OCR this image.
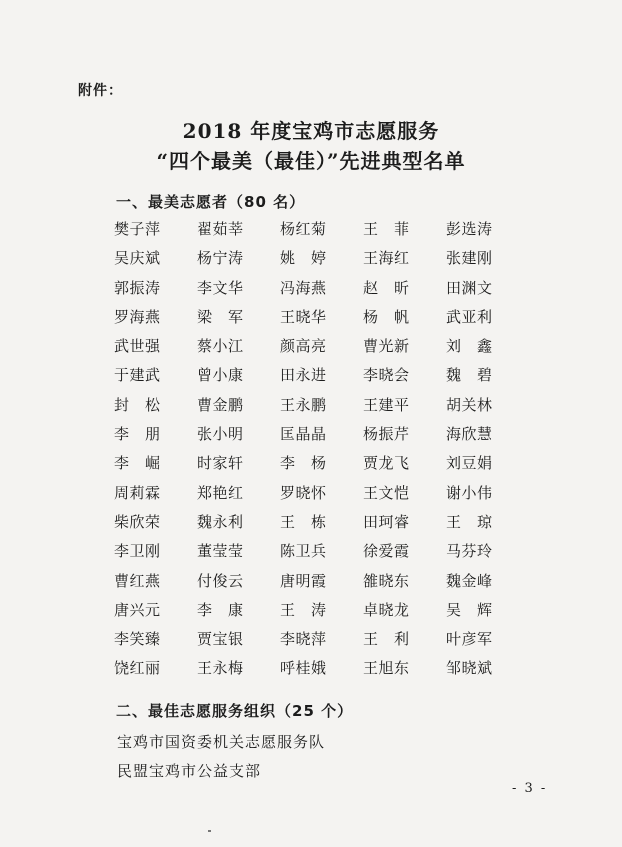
附件：
2018 年度宝鸡市志愿服务
“四个最美（最佳）”先进典型名单
一、最美志愿者（80 名）
樊子萍	翟茹莘	杨红菊	王　菲	彭选涛
吴庆斌	杨宁涛	姚　婷	王海红	张建刚
郭振涛	李文华	冯海燕	赵　昕	田渊文
罗海燕	梁　军	王晓华	杨　帆	武亚利
武世强	蔡小江	颜高亮	曹光新	刘　鑫
于建武	曾小康	田永进	李晓会	魏　碧
封　松	曹金鹏	王永鹏	王建平	胡关林
李　朋	张小明	匡晶晶	杨振芹	海欣慧
李　崛	时家轩	李　杨	贾龙飞	刘豆娟
周莉霖	郑艳红	罗晓怀	王文恺	谢小伟
柴欣荣	魏永利	王　栋	田珂睿	王　琼
李卫刚	董莹莹	陈卫兵	徐爱霞	马芬玲
曹红燕	付俊云	唐明霞	雒晓东	魏金峰
唐兴元	李　康	王　涛	卓晓龙	吴　辉
李笑臻	贾宝银	李晓萍	王　利	叶彦军
饶红丽	王永梅	呼桂娥	王旭东	邹晓斌
二、最佳志愿服务组织（25 个）
宝鸡市国资委机关志愿服务队
民盟宝鸡市公益支部
- 3 -
